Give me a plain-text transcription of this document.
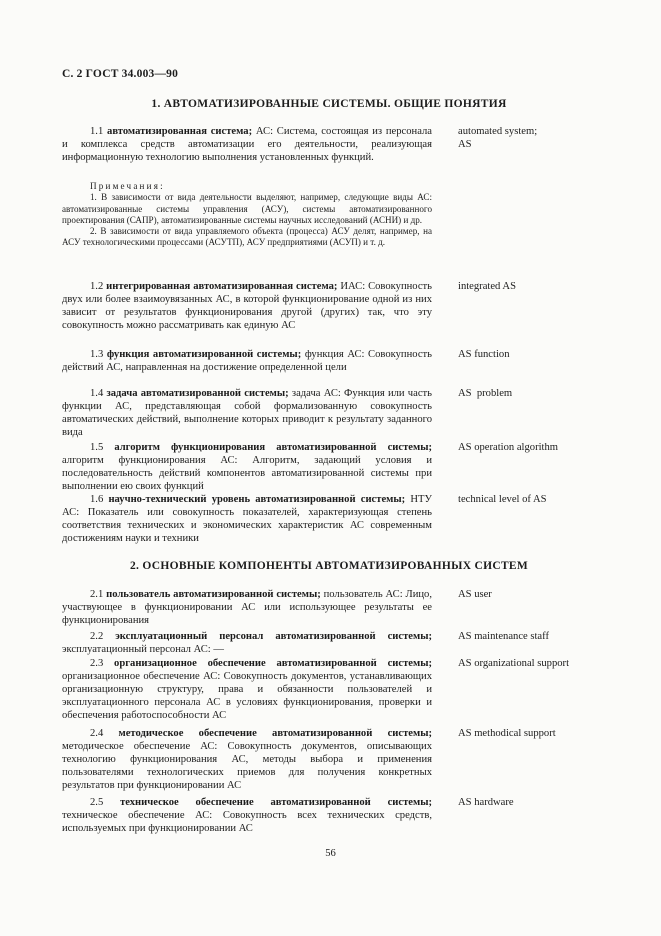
С. 2 ГОСТ 34.003—90
1. АВТОМАТИЗИРОВАННЫЕ СИСТЕМЫ. ОБЩИЕ ПОНЯТИЯ

1.1 автоматизированная система; АС: Система, состоящая из персонала и комплекса средств автоматизации его деятельности, реализующая информационную технологию выполнения установленных функций.

automated system; AS

Примечания:

1. В зависимости от вида деятельности выделяют, например, следующие виды АС: автоматизированные системы управления (АСУ), системы автоматизированного проектирования (САПР), автоматизированные системы научных исследований (АСНИ) и др.

2. В зависимости от вида управляемого объекта (процесса) АСУ делят, например, на АСУ технологическими процессами (АСУТП), АСУ предприятиями (АСУП) и т. д.

1.2 интегрированная автоматизированная система; ИАС: Совокупность двух или более взаимоувязанных АС, в которой функционирование одной из них зависит от результатов функционирования другой (других) так, что эту совокупность можно рассматривать как единую АС

integrated AS

1.3 функция автоматизированной системы; функция АС: Совокупность действий АС, направленная на достижение определенной цели

AS function

1.4 задача автоматизированной системы; задача АС: Функция или часть функции АС, представляющая собой формализованную совокупность автоматических действий, выполнение которых приводит к результату заданного вида

AS  problem

1.5 алгоритм функционирования автоматизированной системы; алгоритм функционирования АС: Алгоритм, задающий условия и последовательность действий компонентов автоматизированной системы при выполнении ею своих функций

AS operation algorithm

1.6 научно-технический уровень автоматизированной системы; НТУ АС: Показатель или совокупность показателей, характеризующая степень соответствия технических и экономических характеристик АС современным достижениям науки и техники

technical level of AS
2. ОСНОВНЫЕ КОМПОНЕНТЫ АВТОМАТИЗИРОВАННЫХ СИСТЕМ

2.1 пользователь автоматизированной системы; пользователь АС: Лицо, участвующее в функционировании АС или использующее результаты ее функционирования

AS user

2.2 эксплуатационный персонал автоматизированной системы; эксплуатационный персонал АС: —

AS maintenance staff

2.3 организационное обеспечение автоматизированной системы; организационное обеспечение АС: Совокупность документов, устанавливающих организационную структуру, права и обязанности пользователей и эксплуатационного персонала АС в условиях функционирования, проверки и обеспечения работоспособности АС

AS organizational support

2.4 методическое обеспечение автоматизированной системы; методическое обеспечение АС: Совокупность документов, описывающих технологию функционирования АС, методы выбора и применения пользователями технологических приемов для получения конкретных результатов при функционировании АС

AS methodical support

2.5 техническое обеспечение автоматизированной системы; техническое обеспечение АС: Совокупность всех технических средств, используемых при функционировании АС

AS hardware
56
